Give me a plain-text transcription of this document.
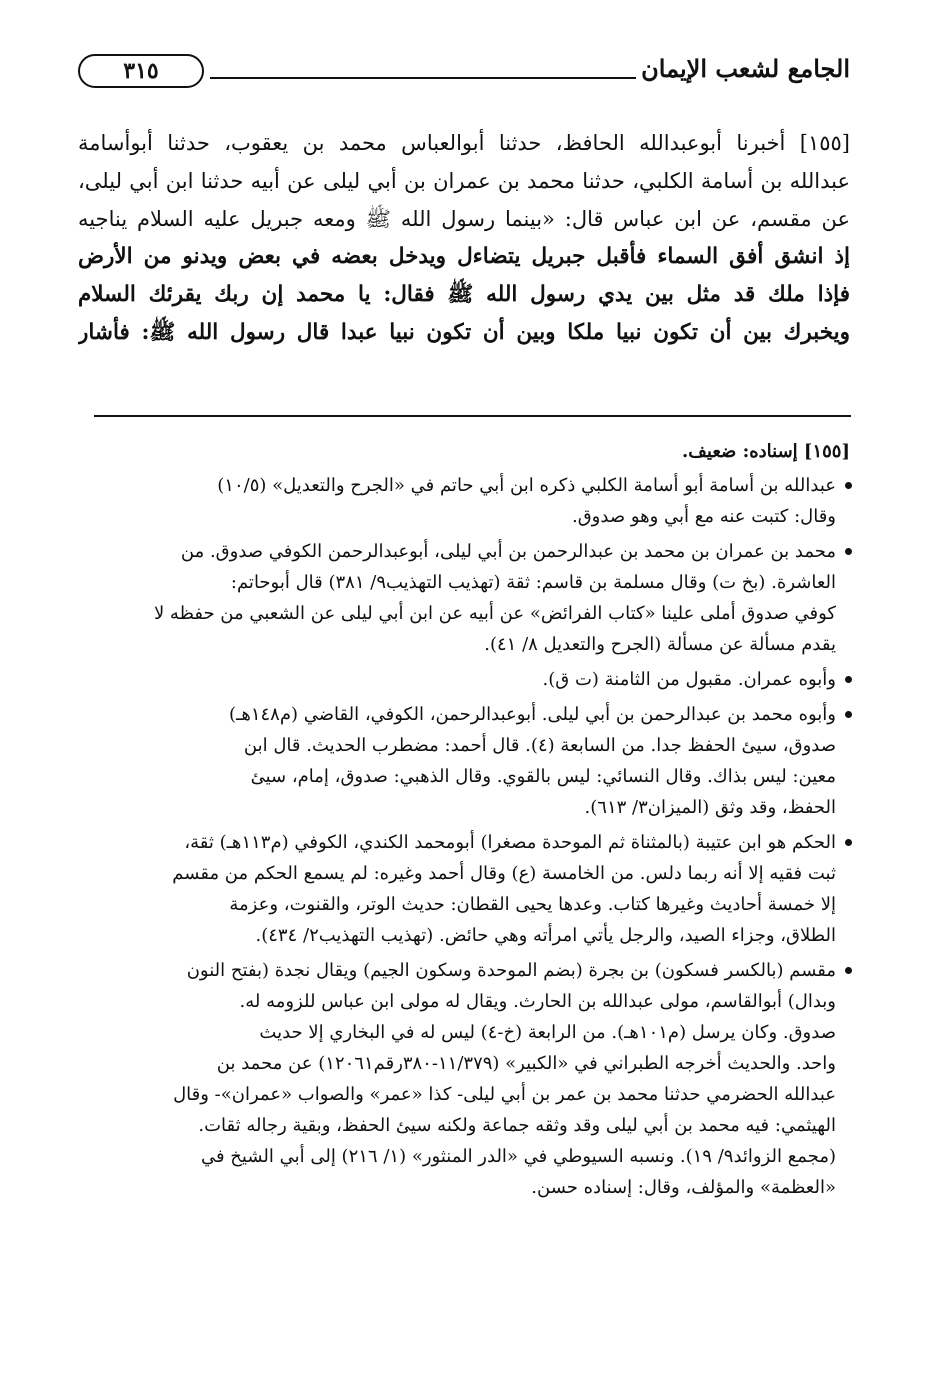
الجامع لشعب الإيمان
٣١٥
[١٥٥] أخبرنا أبوعبدالله الحافظ، حدثنا أبوالعباس محمد بن يعقوب، حدثنا أبوأسامة
عبدالله بن أسامة الكلبي، حدثنا محمد بن عمران بن أبي ليلى عن أبيه حدثنا ابن أبي ليلى،
عن مقسم، عن ابن عباس قال: «بينما رسول الله ﷺ ومعه جبريل عليه السلام يناجيه
إذ انشق أفق السماء فأقبل جبريل يتضاءل ويدخل بعضه في بعض ويدنو من الأرض
فإذا ملك قد مثل بين يدي رسول الله ﷺ فقال: يا محمد إن ربك يقرئك السلام
ويخبرك بين أن تكون نبيا ملكا وبين أن تكون نبيا عبدا قال رسول الله ﷺ: فأشار
[١٥٥] إسناده: ضعيف.
عبدالله بن أسامة أبو أسامة الكلبي ذكره ابن أبي حاتم في «الجرح والتعديل» (١٠/٥)
وقال: كتبت عنه مع أبي وهو صدوق.
محمد بن عمران بن محمد بن عبدالرحمن بن أبي ليلى، أبوعبدالرحمن الكوفي صدوق. من
العاشرة. (بخ ت) وقال مسلمة بن قاسم: ثقة (تهذيب التهذيب٩/ ٣٨١) قال أبوحاتم:
كوفي صدوق أملى علينا «كتاب الفرائض» عن أبيه عن ابن أبي ليلى عن الشعبي من حفظه لا
يقدم مسألة عن مسألة (الجرح والتعديل ٨/ ٤١).
وأبوه عمران. مقبول من الثامنة (ت ق).
وأبوه محمد بن عبدالرحمن بن أبي ليلى. أبوعبدالرحمن، الكوفي، القاضي (م١٤٨هـ)
صدوق، سيئ الحفظ جدا. من السابعة (٤). قال أحمد: مضطرب الحديث. قال ابن
معين: ليس بذاك. وقال النسائي: ليس بالقوي. وقال الذهبي: صدوق، إمام، سيئ
الحفظ، وقد وثق (الميزان٣/ ٦١٣).
الحكم هو ابن عتيبة (بالمثناة ثم الموحدة مصغرا) أبومحمد الكندي، الكوفي (م١١٣هـ) ثقة،
ثبت فقيه إلا أنه ربما دلس. من الخامسة (ع) وقال أحمد وغيره: لم يسمع الحكم من مقسم
إلا خمسة أحاديث وغيرها كتاب. وعدها يحيى القطان: حديث الوتر، والقنوت، وعزمة
الطلاق، وجزاء الصيد، والرجل يأتي امرأته وهي حائض. (تهذيب التهذيب٢/ ٤٣٤).
مقسم (بالكسر فسكون) بن بجرة (بضم الموحدة وسكون الجيم) ويقال نجدة (بفتح النون
وبدال) أبوالقاسم، مولى عبدالله بن الحارث. ويقال له مولى ابن عباس للزومه له.
صدوق. وكان يرسل (م١٠١هـ). من الرابعة (خ-٤) ليس له في البخاري إلا حديث
واحد. والحديث أخرجه الطبراني في «الكبير» (١١/٣٧٩-٣٨٠رقم١٢٠٦١) عن محمد بن
عبدالله الحضرمي حدثنا محمد بن عمر بن أبي ليلى- كذا «عمر» والصواب «عمران»- وقال
الهيثمي: فيه محمد بن أبي ليلى وقد وثقه جماعة ولكنه سيئ الحفظ، وبقية رجاله ثقات.
(مجمع الزوائد٩/ ١٩). ونسبه السيوطي في «الدر المنثور» (١/ ٢١٦) إلى أبي الشيخ في
«العظمة» والمؤلف، وقال: إسناده حسن.
